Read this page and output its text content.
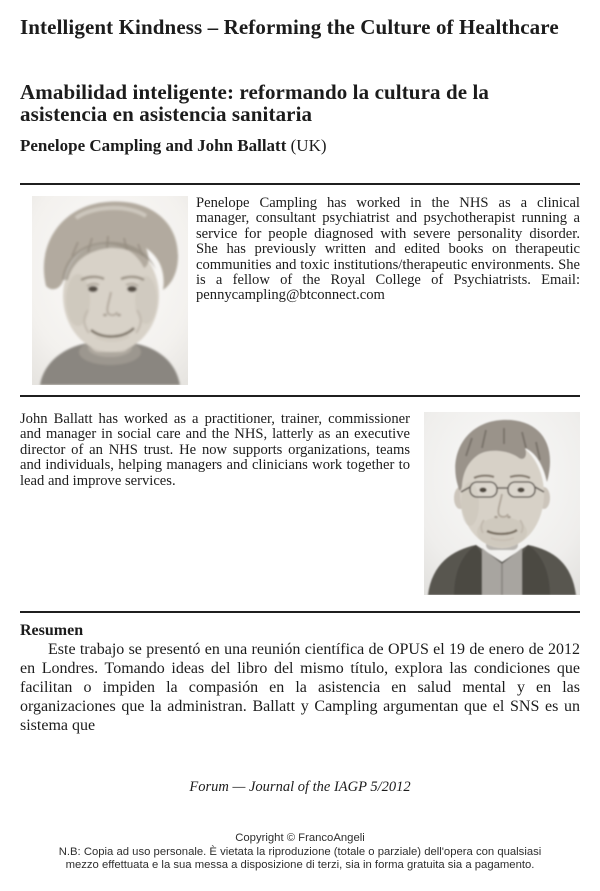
Intelligent Kindness – Reforming the Culture of Healthcare
Amabilidad inteligente: reformando la cultura de la asistencia en asistencia sanitaria

Penelope Campling and John Ballatt (UK)

Penelope Campling has worked in the NHS as a clinical manager, consultant psychiatrist and psychotherapist running a service for people diagnosed with severe personality disorder. She has previously written and edited books on therapeutic communities and toxic institutions/therapeutic environments. She is a fellow of the Royal College of Psychiatrists. Email: pennycampling@btconnect.com

John Ballatt has worked as a practitioner, trainer, commissioner and manager in social care and the NHS, latterly as an executive director of an NHS trust. He now supports organizations, teams and individuals, helping managers and clinicians work together to lead and improve services.

Resumen

Este trabajo se presentó en una reunión científica de OPUS el 19 de enero de 2012 en Londres. Tomando ideas del libro del mismo título, explora las condiciones que facilitan o impiden la compasión en la asistencia en salud mental y en las organizaciones que la administran. Ballatt y Campling argumentan que el SNS es un sistema que

Forum — Journal of the IAGP 5/2012
Copyright © FrancoAngeli
N.B: Copia ad uso personale. È vietata la riproduzione (totale o parziale) dell'opera con qualsiasi
mezzo effettuata e la sua messa a disposizione di terzi, sia in forma gratuita sia a pagamento.
